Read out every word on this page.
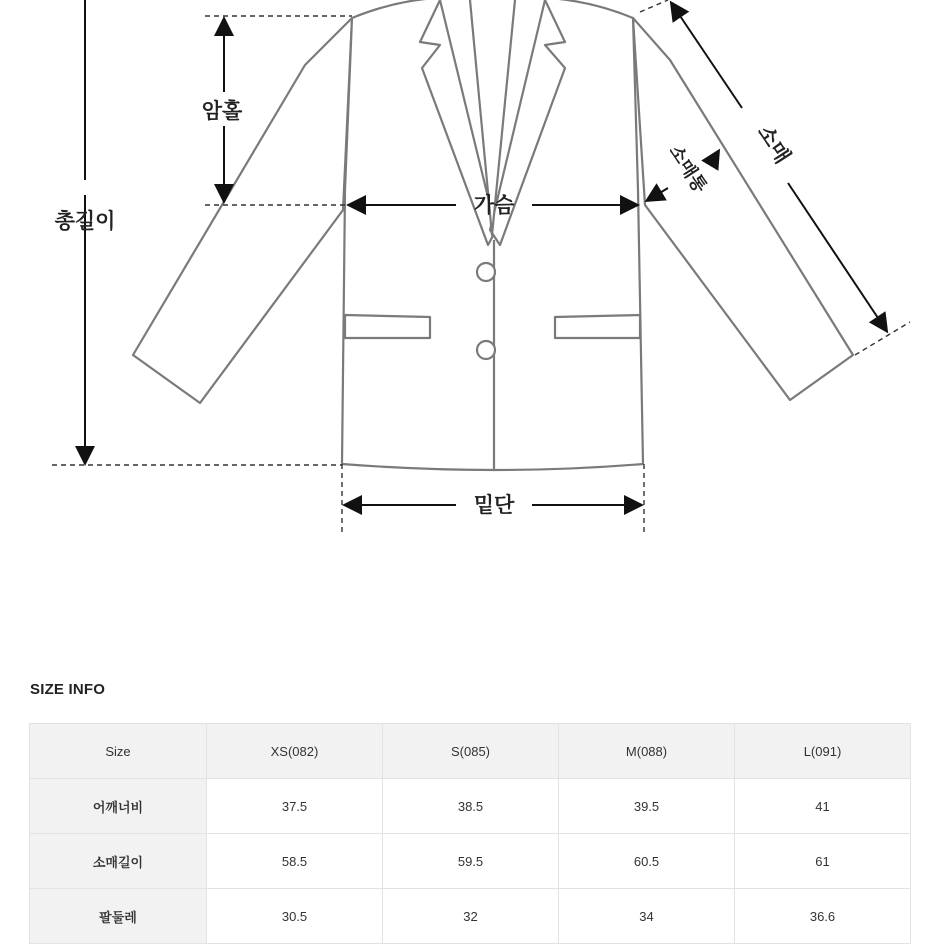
총길이
암홀
가슴
밑단
소매
소매통
SIZE INFO
Size	XS(082)	S(085)	M(088)	L(091)
어깨너비	37.5	38.5	39.5	41
소매길이	58.5	59.5	60.5	61
팔둘레	30.5	32	34	36.6
